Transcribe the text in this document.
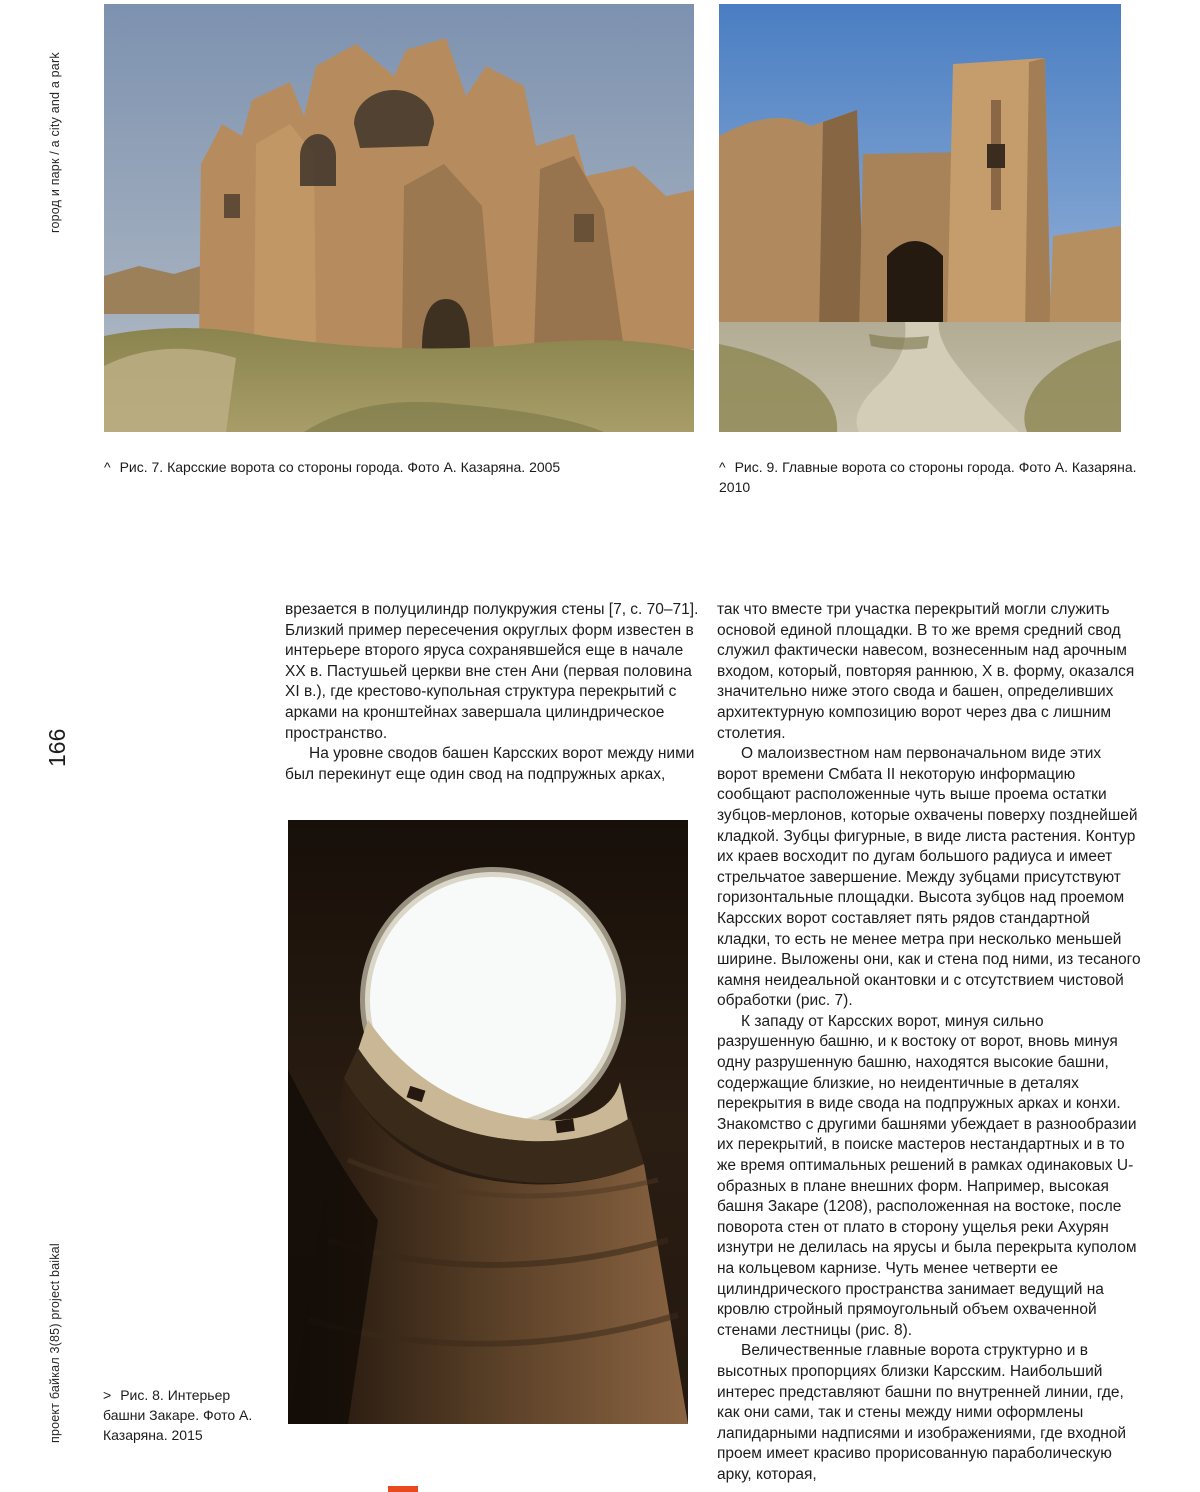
город и парк / a city and a park
166
проект байкал 3(85) project baikal

^ Рис. 7. Карсские ворота со стороны города. Фото А. Казаряна. 2005	^ Рис. 9. Главные ворота со стороны города. Фото А. Казаряна. 2010

врезается в полуцилиндр полукружия стены [7, с. 70–71]. Близкий пример пересечения округлых форм известен в интерьере второго яруса сохранявшейся еще в начале XX в. Пастушьей церкви вне стен Ани (первая половина XI в.), где крестово-купольная структура перекрытий с арками на кронштейнах завершала цилиндрическое пространство.

На уровне сводов башен Карсских ворот между ними был перекинут еще один свод на подпружных арках,

так что вместе три участка перекрытий могли служить основой единой площадки. В то же время средний свод служил фактически навесом, вознесенным над арочным входом, который, повторяя раннюю, X в. форму, оказался значительно ниже этого свода и башен, определивших архитектурную композицию ворот через два с лишним столетия.

О малоизвестном нам первоначальном виде этих ворот времени Смбата II некоторую информацию сообщают расположенные чуть выше проема остатки зубцов-мерлонов, которые охвачены поверху позднейшей кладкой. Зубцы фигурные, в виде листа растения. Контур их краев восходит по дугам большого радиуса и имеет стрельчатое завершение. Между зубцами присутствуют горизонтальные площадки. Высота зубцов над проемом Карсских ворот составляет пять рядов стандартной кладки, то есть не менее метра при несколько меньшей ширине. Выложены они, как и стена под ними, из тесаного камня неидеальной окантовки и с отсутствием чистовой обработки (рис. 7).

К западу от Карсских ворот, минуя сильно разрушенную башню, и к востоку от ворот, вновь минуя одну разрушенную башню, находятся высокие башни, содержащие близкие, но неидентичные в деталях перекрытия в виде свода на подпружных арках и конхи. Знакомство с другими башнями убеждает в разнообразии их перекрытий, в поиске мастеров нестандартных и в то же время оптимальных решений в рамках одинаковых U-образных в плане внешних форм. Например, высокая башня Закаре (1208), расположенная на востоке, после поворота стен от плато в сторону ущелья реки Ахурян изнутри не делилась на ярусы и была перекрыта куполом на кольцевом карнизе. Чуть менее четверти ее цилиндрического пространства занимает ведущий на кровлю стройный прямоугольный объем охваченной стенами лестницы (рис. 8).

Величественные главные ворота структурно и в высотных пропорциях близки Карсским. Наибольший интерес представляют башни по внутренней линии, где, как они сами, так и стены между ними оформлены лапидарными надписями и изображениями, где входной проем имеет красиво прорисованную параболическую арку, которая,

> Рис. 8. Интерьер башни Закаре. Фото А. Казаряна. 2015
